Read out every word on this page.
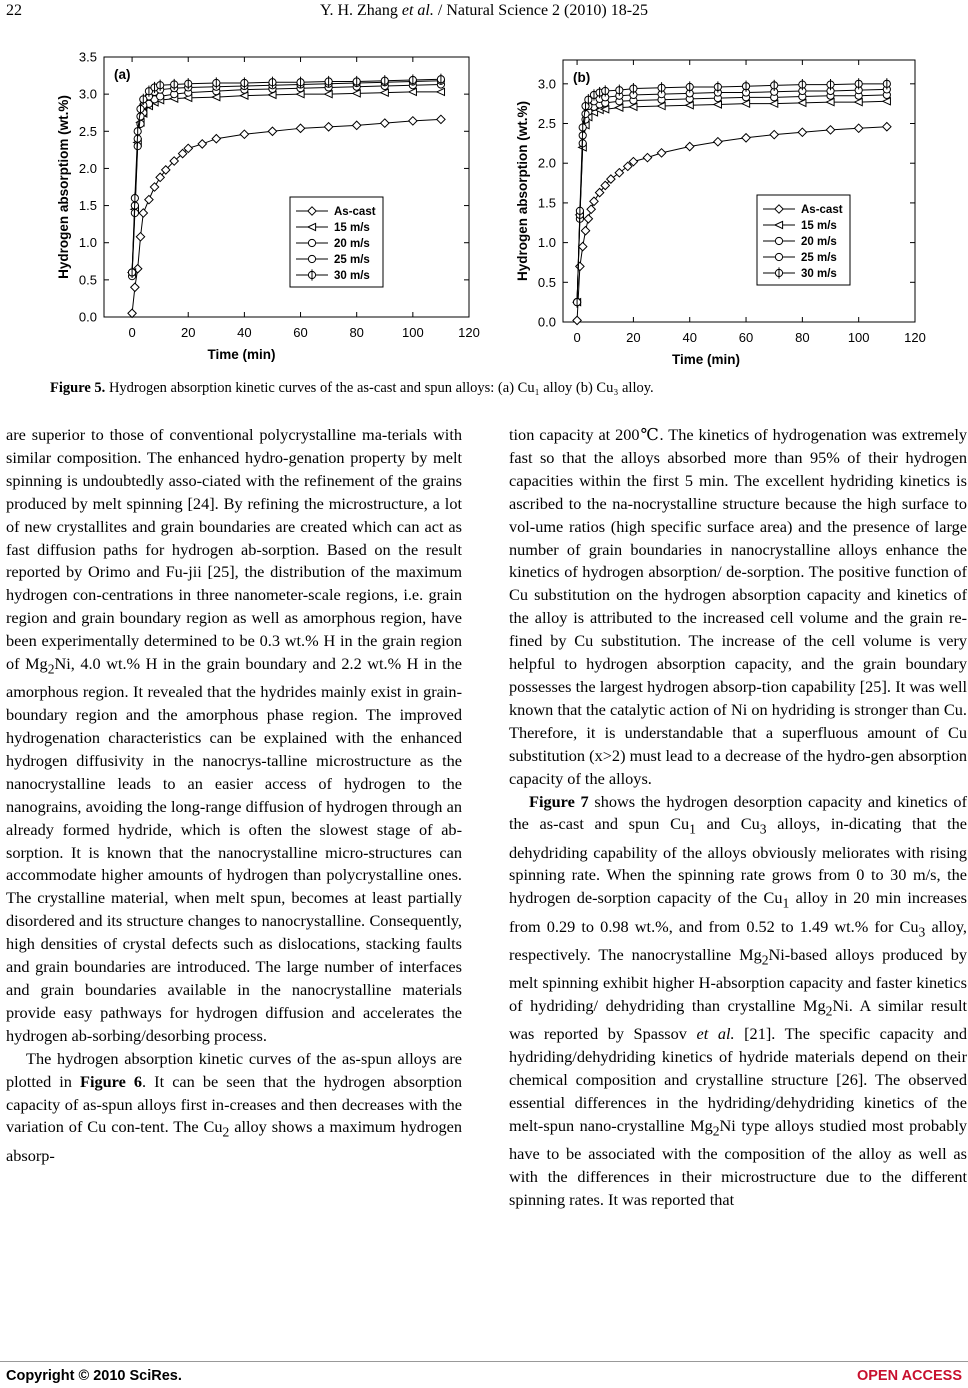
22	Y. H. Zhang et al. / Natural Science 2 (2010) 18-25
0	20	40	60	80	100	120
0.0
0.5
1.0
1.5
2.0
2.5
3.0
3.5
Time (min)
Hydrogen absorptiom (wt.%)
(a)
As-cast
15 m/s
20 m/s
25 m/s
30 m/s
0	20	40	60	80	100	120
0.0
0.5
1.0
1.5
2.0
2.5
3.0
Time (min)
Hydrogen absorption (wt.%)
(b)
As-cast
15 m/s
20 m/s
25 m/s
30 m/s
Figure 5. Hydrogen absorption kinetic curves of the as-cast and spun alloys: (a) Cu₁ alloy (b) Cu₃ alloy.

are superior to those of conventional polycrystalline ma-terials with similar composition. The enhanced hydro-genation property by melt spinning is undoubtedly asso-ciated with the refinement of the grains produced by melt spinning [24]. By refining the microstructure, a lot of new crystallites and grain boundaries are created which can act as fast diffusion paths for hydrogen ab-sorption. Based on the result reported by Orimo and Fu-jii [25], the distribution of the maximum hydrogen con-centrations in three nanometer-scale regions, i.e. grain region and grain boundary region as well as amorphous region, have been experimentally determined to be 0.3 wt.% H in the grain region of $Mg_2Ni$, 4.0 wt.% H in the grain boundary and 2.2 wt.% H in the amorphous region. It revealed that the hydrides mainly exist in grain-boundary region and the amorphous phase region. The improved hydrogenation characteristics can be explained with the enhanced hydrogen diffusivity in the nanocrys-talline microstructure as the nanocrystalline leads to an easier access of hydrogen to the nanograins, avoiding the long-range diffusion of hydrogen through an already formed hydride, which is often the slowest stage of ab-sorption. It is known that the nanocrystalline micro-structures can accommodate higher amounts of hydrogen than polycrystalline ones. The crystalline material, when melt spun, becomes at least partially disordered and its structure changes to nanocrystalline. Consequently, high densities of crystal defects such as dislocations, stacking faults and grain boundaries are introduced. The large number of interfaces and grain boundaries available in the nanocrystalline materials provide easy pathways for hydrogen diffusion and accelerates the hydrogen ab-sorbing/desorbing process.

The hydrogen absorption kinetic curves of the as-spun alloys are plotted in Figure 6. It can be seen that the hydrogen absorption capacity of as-spun alloys first in-creases and then decreases with the variation of Cu con-tent. The $Cu_2$ alloy shows a maximum hydrogen absorp-

tion capacity at 200℃. The kinetics of hydrogenation was extremely fast so that the alloys absorbed more than 95% of their hydrogen capacities within the first 5 min. The excellent hydriding kinetics is ascribed to the na-nocrystalline structure because the high surface to vol-ume ratios (high specific surface area) and the presence of large number of grain boundaries in nanocrystalline alloys enhance the kinetics of hydrogen absorption/ de-sorption. The positive function of Cu substitution on the hydrogen absorption capacity and kinetics of the alloy is attributed to the increased cell volume and the grain re-fined by Cu substitution. The increase of the cell volume is very helpful to hydrogen absorption capacity, and the grain boundary possesses the largest hydrogen absorp-tion capability [25]. It was well known that the catalytic action of Ni on hydriding is stronger than Cu. Therefore, it is understandable that a superfluous amount of Cu substitution (x>2) must lead to a decrease of the hydro-gen absorption capacity of the alloys.

Figure 7 shows the hydrogen desorption capacity and kinetics of the as-cast and spun $Cu_1$ and $Cu_3$ alloys, in-dicating that the dehydriding capability of the alloys obviously meliorates with rising spinning rate. When the spinning rate grows from 0 to 30 m/s, the hydrogen de-sorption capacity of the $Cu_1$ alloy in 20 min increases from 0.29 to 0.98 wt.%, and from 0.52 to 1.49 wt.% for $Cu_3$ alloy, respectively. The nanocrystalline $Mg_2Ni$-based alloys produced by melt spinning exhibit higher H-absorption capacity and faster kinetics of hydriding/ dehydriding than crystalline $Mg_2Ni$. A similar result was reported by Spassov et al. [21]. The specific capacity and hydriding/dehydriding kinetics of hydride materials depend on their chemical composition and crystalline structure [26]. The observed essential differences in the hydriding/dehydriding kinetics of the melt-spun nano-crystalline $Mg_2Ni$ type alloys studied most probably have to be associated with the composition of the alloy as well as with the differences in their microstructure due to the different spinning rates. It was reported that

Copyright © 2010 SciRes.	OPEN ACCESS
